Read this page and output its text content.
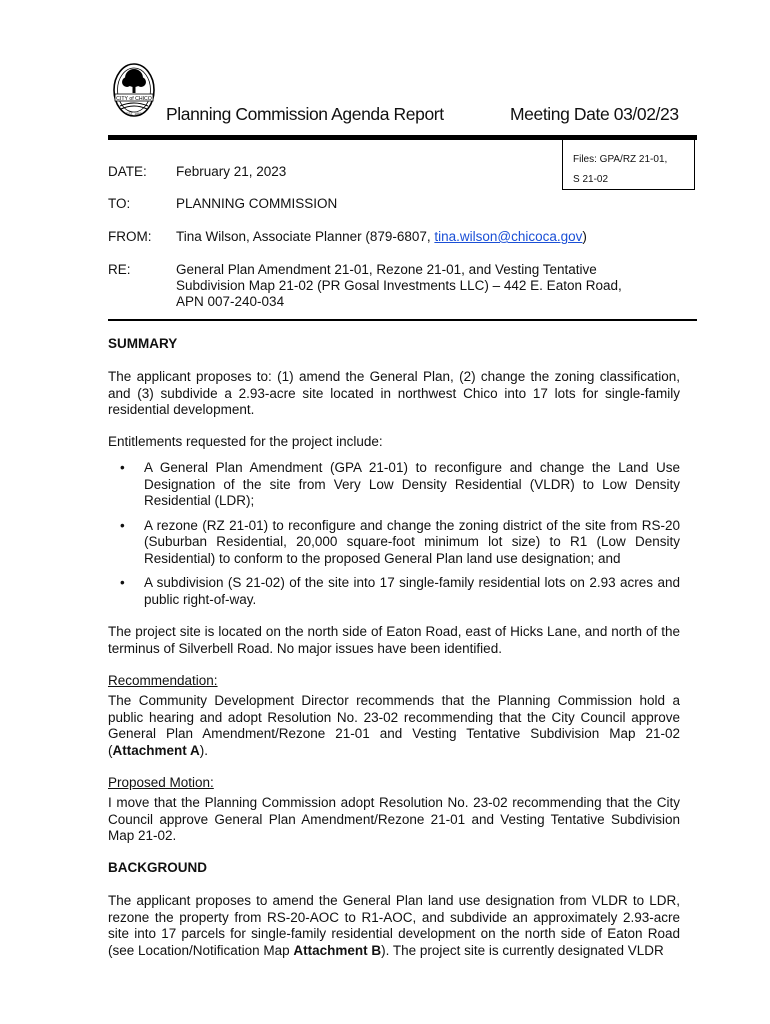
CITY of CHICO
EST. 1860 Planning Commission Agenda Report	Meeting Date 03/02/23
Files: GPA/RZ 21-01,
S 21-02
DATE: February 21, 2023
TO:	PLANNING COMMISSION
FROM: Tina Wilson, Associate Planner (879-6807, tina.wilson@chicoca.gov)
RE:	General Plan Amendment 21-01, Rezone 21-01, and Vesting Tentative
Subdivision Map 21-02 (PR Gosal Investments LLC) – 442 E. Eaton Road,
APN 007-240-034
SUMMARY
The applicant proposes to: (1) amend the General Plan, (2) change the zoning classification, and (3) subdivide a 2.93-acre site located in northwest Chico into 17 lots for single-family residential development.
Entitlements requested for the project include:
• A General Plan Amendment (GPA 21-01) to reconfigure and change the Land Use Designation of the site from Very Low Density Residential (VLDR) to Low Density Residential (LDR);
• A rezone (RZ 21-01) to reconfigure and change the zoning district of the site from RS-20 (Suburban Residential, 20,000 square-foot minimum lot size) to R1 (Low Density Residential) to conform to the proposed General Plan land use designation; and
• A subdivision (S 21-02) of the site into 17 single-family residential lots on 2.93 acres and public right-of-way.
The project site is located on the north side of Eaton Road, east of Hicks Lane, and north of the terminus of Silverbell Road. No major issues have been identified.
Recommendation:
The Community Development Director recommends that the Planning Commission hold a public hearing and adopt Resolution No. 23-02 recommending that the City Council approve General Plan Amendment/Rezone 21-01 and Vesting Tentative Subdivision Map 21-02 (Attachment A).
Proposed Motion:
I move that the Planning Commission adopt Resolution No. 23-02 recommending that the City Council approve General Plan Amendment/Rezone 21-01 and Vesting Tentative Subdivision Map 21-02.
BACKGROUND
The applicant proposes to amend the General Plan land use designation from VLDR to LDR, rezone the property from RS-20-AOC to R1-AOC, and subdivide an approximately 2.93-acre site into 17 parcels for single-family residential development on the north side of Eaton Road (see Location/Notification Map Attachment B). The project site is currently designated VLDR
